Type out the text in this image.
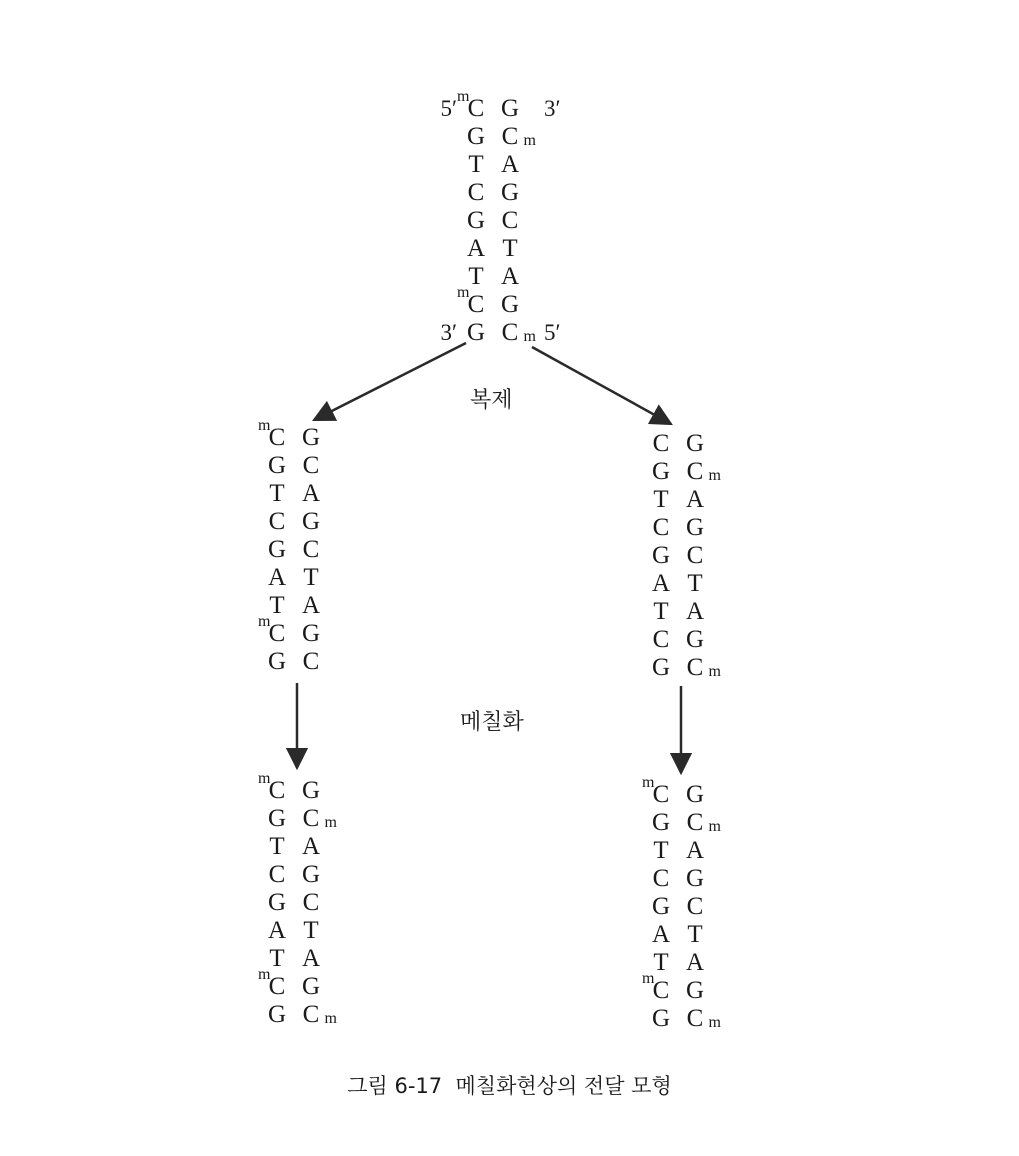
m C G
G C m
T A
C G
G C
A T
T A
m C G
G C m
5′	3′
3′	5′
m C G
G C
T A
C G
G C
A T
T A
m C G
G C
C G
G C m
T A
C G
G C
A T
T A
C G
G C m
m C G
G C m
T A
C G
G C
A T
T A
m C G
G C m
m C G
G C m
T A
C G
G C
A T
T A
m C G
G C m
복제
메칠화
그림 6-17  메칠화현상의 전달 모형
